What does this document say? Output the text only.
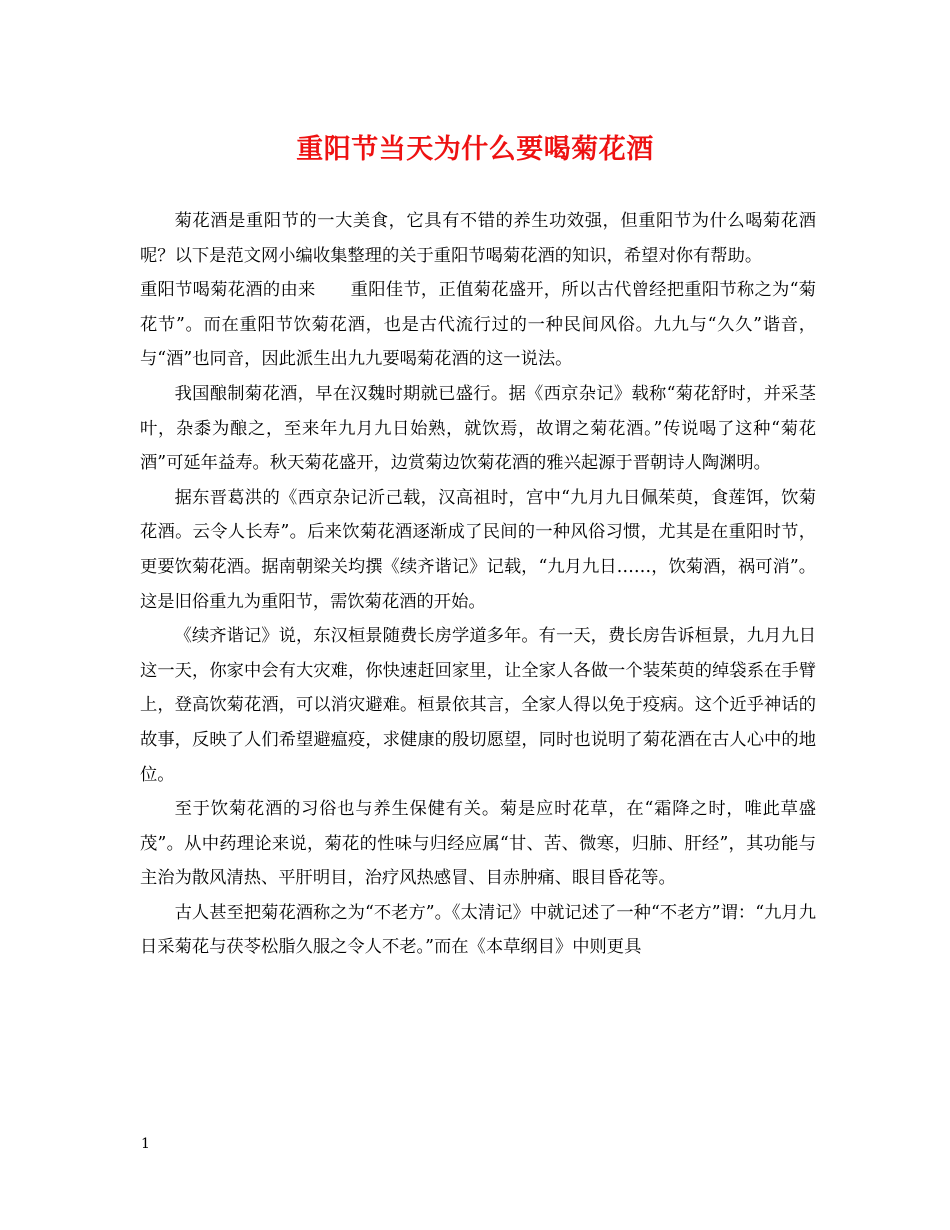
重阳节当天为什么要喝菊花酒

菊花酒是重阳节的一大美食，它具有不错的养生功效强，但重阳节为什么喝菊花酒呢？以下是范文网小编收集整理的关于重阳节喝菊花酒的知识，希望对你有帮助。

重阳节喝菊花酒的由来　　重阳佳节，正值菊花盛开，所以古代曾经把重阳节称之为“菊花节”。而在重阳节饮菊花酒，也是古代流行过的一种民间风俗。九九与“久久”谐音，与“酒”也同音，因此派生出九九要喝菊花酒的这一说法。

我国酿制菊花酒，早在汉魏时期就已盛行。据《西京杂记》载称“菊花舒时，并采茎叶，杂黍为酿之，至来年九月九日始熟，就饮焉，故谓之菊花酒。”传说喝了这种“菊花酒”可延年益寿。秋天菊花盛开，边赏菊边饮菊花酒的雅兴起源于晋朝诗人陶渊明。

据东晋葛洪的《西京杂记沂己载，汉高祖时，宫中“九月九日佩茱萸，食莲饵，饮菊花酒。云令人长寿”。后来饮菊花酒逐渐成了民间的一种风俗习惯，尤其是在重阳时节，更要饮菊花酒。据南朝梁关均撰《续齐谐记》记载，“九月九日……，饮菊酒，祸可消”。这是旧俗重九为重阳节，需饮菊花酒的开始。

《续齐谐记》说，东汉桓景随费长房学道多年。有一天，费长房告诉桓景，九月九日这一天，你家中会有大灾难，你快速赶回家里，让全家人各做一个装茱萸的绰袋系在手臂上，登高饮菊花酒，可以消灾避难。桓景依其言，全家人得以免于疫病。这个近乎神话的故事，反映了人们希望避瘟疫，求健康的殷切愿望，同时也说明了菊花酒在古人心中的地位。

至于饮菊花酒的习俗也与养生保健有关。菊是应时花草，在“霜降之时，唯此草盛茂”。从中药理论来说，菊花的性味与归经应属“甘、苦、微寒，归肺、肝经”，其功能与主治为散风清热、平肝明目，治疗风热感冒、目赤肿痛、眼目昏花等。

古人甚至把菊花酒称之为“不老方”。《太清记》中就记述了一种“不老方”谓：“九月九日采菊花与茯苓松脂久服之令人不老。”而在《本草纲目》中则更具

1
